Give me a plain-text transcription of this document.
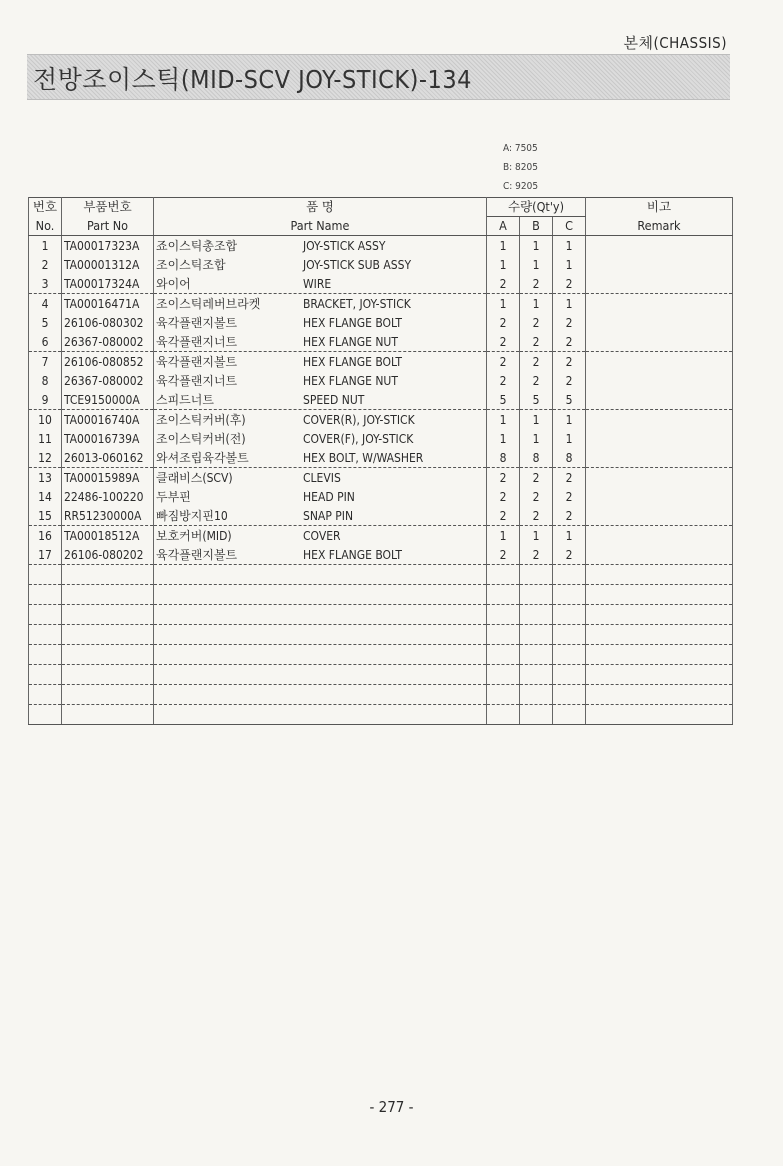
본체(CHASSIS)
전방조이스틱(MID-SCV JOY-STICK)-134
A: 7505
B: 8205
C: 9205
번호	부품번호	품 명	수량(Qt'y)			비고
No.	Part No	Part Name	A	B	C	Remark
1	TA00017323A	죠이스틱총조합 JOY-STICK ASSY	1	1	1	
2	TA00001312A	조이스틱조합 JOY-STICK SUB ASSY	1	1	1	
3	TA00017324A	와이어 WIRE	2	2	2	
4	TA00016471A	조이스틱레버브라켓 BRACKET, JOY-STICK	1	1	1	
5	26106-080302	육각플랜지볼트 HEX FLANGE BOLT	2	2	2	
6	26367-080002	육각플랜지너트 HEX FLANGE NUT	2	2	2	
7	26106-080852	육각플랜지볼트 HEX FLANGE BOLT	2	2	2	
8	26367-080002	육각플랜지너트 HEX FLANGE NUT	2	2	2	
9	TCE9150000A	스피드너트 SPEED NUT	5	5	5	
10	TA00016740A	조이스틱커버(후) COVER(R), JOY-STICK	1	1	1	
11	TA00016739A	조이스틱커버(전) COVER(F), JOY-STICK	1	1	1	
12	26013-060162	와셔조립육각볼트 HEX BOLT, W/WASHER	8	8	8	
13	TA00015989A	클래비스(SCV) CLEVIS	2	2	2	
14	22486-100220	두부핀 HEAD PIN	2	2	2	
15	RR51230000A	빠짐방지핀10 SNAP PIN	2	2	2	
16	TA00018512A	보호커버(MID) COVER	1	1	1	
17	26106-080202	육각플랜지볼트 HEX FLANGE BOLT	2	2	2	

- 277 -
